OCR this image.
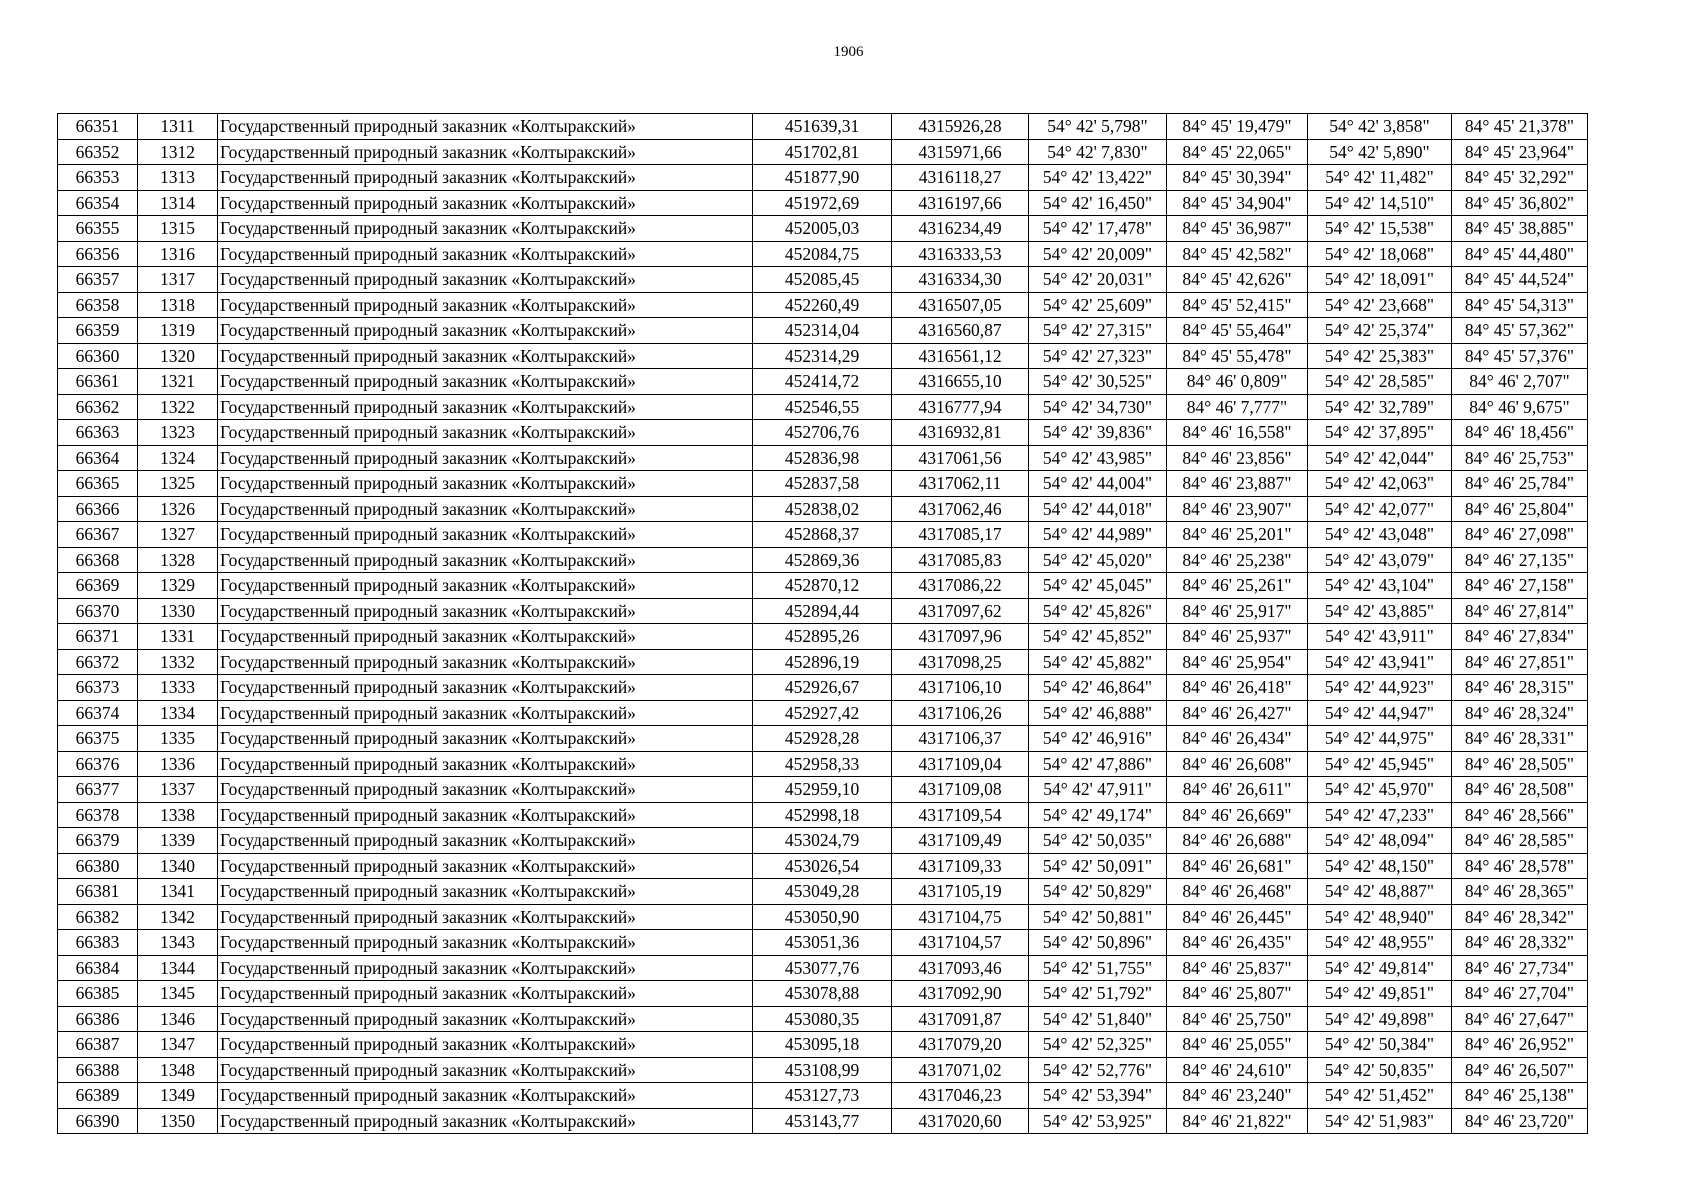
1906
66351	1311	Государственный природный заказник «Колтыракский»	451639,31	4315926,28	54° 42' 5,798"	84° 45' 19,479"	54° 42' 3,858"	84° 45' 21,378"
66352	1312	Государственный природный заказник «Колтыракский»	451702,81	4315971,66	54° 42' 7,830"	84° 45' 22,065"	54° 42' 5,890"	84° 45' 23,964"
66353	1313	Государственный природный заказник «Колтыракский»	451877,90	4316118,27	54° 42' 13,422"	84° 45' 30,394"	54° 42' 11,482"	84° 45' 32,292"
66354	1314	Государственный природный заказник «Колтыракский»	451972,69	4316197,66	54° 42' 16,450"	84° 45' 34,904"	54° 42' 14,510"	84° 45' 36,802"
66355	1315	Государственный природный заказник «Колтыракский»	452005,03	4316234,49	54° 42' 17,478"	84° 45' 36,987"	54° 42' 15,538"	84° 45' 38,885"
66356	1316	Государственный природный заказник «Колтыракский»	452084,75	4316333,53	54° 42' 20,009"	84° 45' 42,582"	54° 42' 18,068"	84° 45' 44,480"
66357	1317	Государственный природный заказник «Колтыракский»	452085,45	4316334,30	54° 42' 20,031"	84° 45' 42,626"	54° 42' 18,091"	84° 45' 44,524"
66358	1318	Государственный природный заказник «Колтыракский»	452260,49	4316507,05	54° 42' 25,609"	84° 45' 52,415"	54° 42' 23,668"	84° 45' 54,313"
66359	1319	Государственный природный заказник «Колтыракский»	452314,04	4316560,87	54° 42' 27,315"	84° 45' 55,464"	54° 42' 25,374"	84° 45' 57,362"
66360	1320	Государственный природный заказник «Колтыракский»	452314,29	4316561,12	54° 42' 27,323"	84° 45' 55,478"	54° 42' 25,383"	84° 45' 57,376"
66361	1321	Государственный природный заказник «Колтыракский»	452414,72	4316655,10	54° 42' 30,525"	84° 46' 0,809"	54° 42' 28,585"	84° 46' 2,707"
66362	1322	Государственный природный заказник «Колтыракский»	452546,55	4316777,94	54° 42' 34,730"	84° 46' 7,777"	54° 42' 32,789"	84° 46' 9,675"
66363	1323	Государственный природный заказник «Колтыракский»	452706,76	4316932,81	54° 42' 39,836"	84° 46' 16,558"	54° 42' 37,895"	84° 46' 18,456"
66364	1324	Государственный природный заказник «Колтыракский»	452836,98	4317061,56	54° 42' 43,985"	84° 46' 23,856"	54° 42' 42,044"	84° 46' 25,753"
66365	1325	Государственный природный заказник «Колтыракский»	452837,58	4317062,11	54° 42' 44,004"	84° 46' 23,887"	54° 42' 42,063"	84° 46' 25,784"
66366	1326	Государственный природный заказник «Колтыракский»	452838,02	4317062,46	54° 42' 44,018"	84° 46' 23,907"	54° 42' 42,077"	84° 46' 25,804"
66367	1327	Государственный природный заказник «Колтыракский»	452868,37	4317085,17	54° 42' 44,989"	84° 46' 25,201"	54° 42' 43,048"	84° 46' 27,098"
66368	1328	Государственный природный заказник «Колтыракский»	452869,36	4317085,83	54° 42' 45,020"	84° 46' 25,238"	54° 42' 43,079"	84° 46' 27,135"
66369	1329	Государственный природный заказник «Колтыракский»	452870,12	4317086,22	54° 42' 45,045"	84° 46' 25,261"	54° 42' 43,104"	84° 46' 27,158"
66370	1330	Государственный природный заказник «Колтыракский»	452894,44	4317097,62	54° 42' 45,826"	84° 46' 25,917"	54° 42' 43,885"	84° 46' 27,814"
66371	1331	Государственный природный заказник «Колтыракский»	452895,26	4317097,96	54° 42' 45,852"	84° 46' 25,937"	54° 42' 43,911"	84° 46' 27,834"
66372	1332	Государственный природный заказник «Колтыракский»	452896,19	4317098,25	54° 42' 45,882"	84° 46' 25,954"	54° 42' 43,941"	84° 46' 27,851"
66373	1333	Государственный природный заказник «Колтыракский»	452926,67	4317106,10	54° 42' 46,864"	84° 46' 26,418"	54° 42' 44,923"	84° 46' 28,315"
66374	1334	Государственный природный заказник «Колтыракский»	452927,42	4317106,26	54° 42' 46,888"	84° 46' 26,427"	54° 42' 44,947"	84° 46' 28,324"
66375	1335	Государственный природный заказник «Колтыракский»	452928,28	4317106,37	54° 42' 46,916"	84° 46' 26,434"	54° 42' 44,975"	84° 46' 28,331"
66376	1336	Государственный природный заказник «Колтыракский»	452958,33	4317109,04	54° 42' 47,886"	84° 46' 26,608"	54° 42' 45,945"	84° 46' 28,505"
66377	1337	Государственный природный заказник «Колтыракский»	452959,10	4317109,08	54° 42' 47,911"	84° 46' 26,611"	54° 42' 45,970"	84° 46' 28,508"
66378	1338	Государственный природный заказник «Колтыракский»	452998,18	4317109,54	54° 42' 49,174"	84° 46' 26,669"	54° 42' 47,233"	84° 46' 28,566"
66379	1339	Государственный природный заказник «Колтыракский»	453024,79	4317109,49	54° 42' 50,035"	84° 46' 26,688"	54° 42' 48,094"	84° 46' 28,585"
66380	1340	Государственный природный заказник «Колтыракский»	453026,54	4317109,33	54° 42' 50,091"	84° 46' 26,681"	54° 42' 48,150"	84° 46' 28,578"
66381	1341	Государственный природный заказник «Колтыракский»	453049,28	4317105,19	54° 42' 50,829"	84° 46' 26,468"	54° 42' 48,887"	84° 46' 28,365"
66382	1342	Государственный природный заказник «Колтыракский»	453050,90	4317104,75	54° 42' 50,881"	84° 46' 26,445"	54° 42' 48,940"	84° 46' 28,342"
66383	1343	Государственный природный заказник «Колтыракский»	453051,36	4317104,57	54° 42' 50,896"	84° 46' 26,435"	54° 42' 48,955"	84° 46' 28,332"
66384	1344	Государственный природный заказник «Колтыракский»	453077,76	4317093,46	54° 42' 51,755"	84° 46' 25,837"	54° 42' 49,814"	84° 46' 27,734"
66385	1345	Государственный природный заказник «Колтыракский»	453078,88	4317092,90	54° 42' 51,792"	84° 46' 25,807"	54° 42' 49,851"	84° 46' 27,704"
66386	1346	Государственный природный заказник «Колтыракский»	453080,35	4317091,87	54° 42' 51,840"	84° 46' 25,750"	54° 42' 49,898"	84° 46' 27,647"
66387	1347	Государственный природный заказник «Колтыракский»	453095,18	4317079,20	54° 42' 52,325"	84° 46' 25,055"	54° 42' 50,384"	84° 46' 26,952"
66388	1348	Государственный природный заказник «Колтыракский»	453108,99	4317071,02	54° 42' 52,776"	84° 46' 24,610"	54° 42' 50,835"	84° 46' 26,507"
66389	1349	Государственный природный заказник «Колтыракский»	453127,73	4317046,23	54° 42' 53,394"	84° 46' 23,240"	54° 42' 51,452"	84° 46' 25,138"
66390	1350	Государственный природный заказник «Колтыракский»	453143,77	4317020,60	54° 42' 53,925"	84° 46' 21,822"	54° 42' 51,983"	84° 46' 23,720"
